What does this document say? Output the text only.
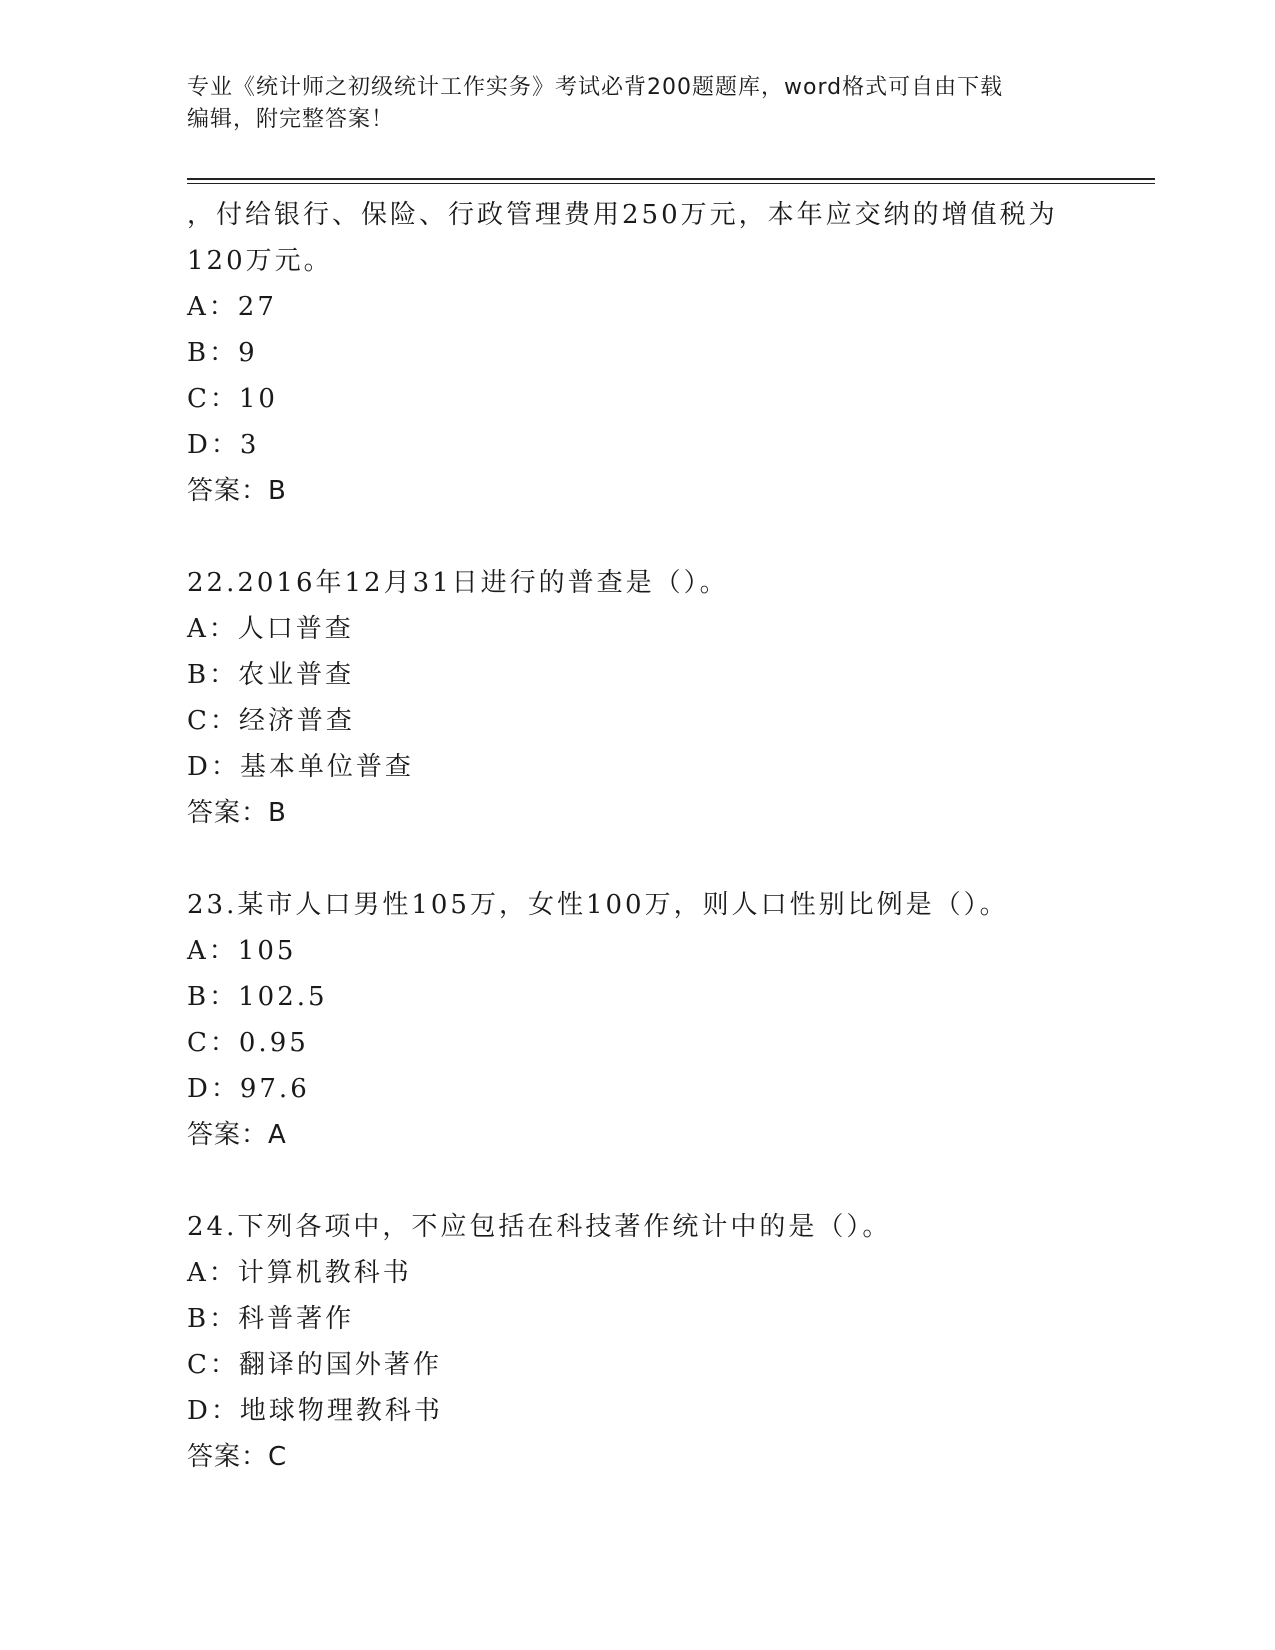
专业《统计师之初级统计工作实务》考试必背200题题库，word格式可自由下载
编辑，附完整答案！
，付给银行、保险、行政管理费用250万元，本年应交纳的增值税为
120万元。
A：27
B：9
C：10
D：3
答案：B
22.2016年12月31日进行的普查是（）。
A：人口普查
B：农业普查
C：经济普查
D：基本单位普查
答案：B
23.某市人口男性105万，女性100万，则人口性别比例是（）。
A：105
B：102.5
C：0.95
D：97.6
答案：A
24.下列各项中，不应包括在科技著作统计中的是（）。
A：计算机教科书
B：科普著作
C：翻译的国外著作
D：地球物理教科书
答案：C
